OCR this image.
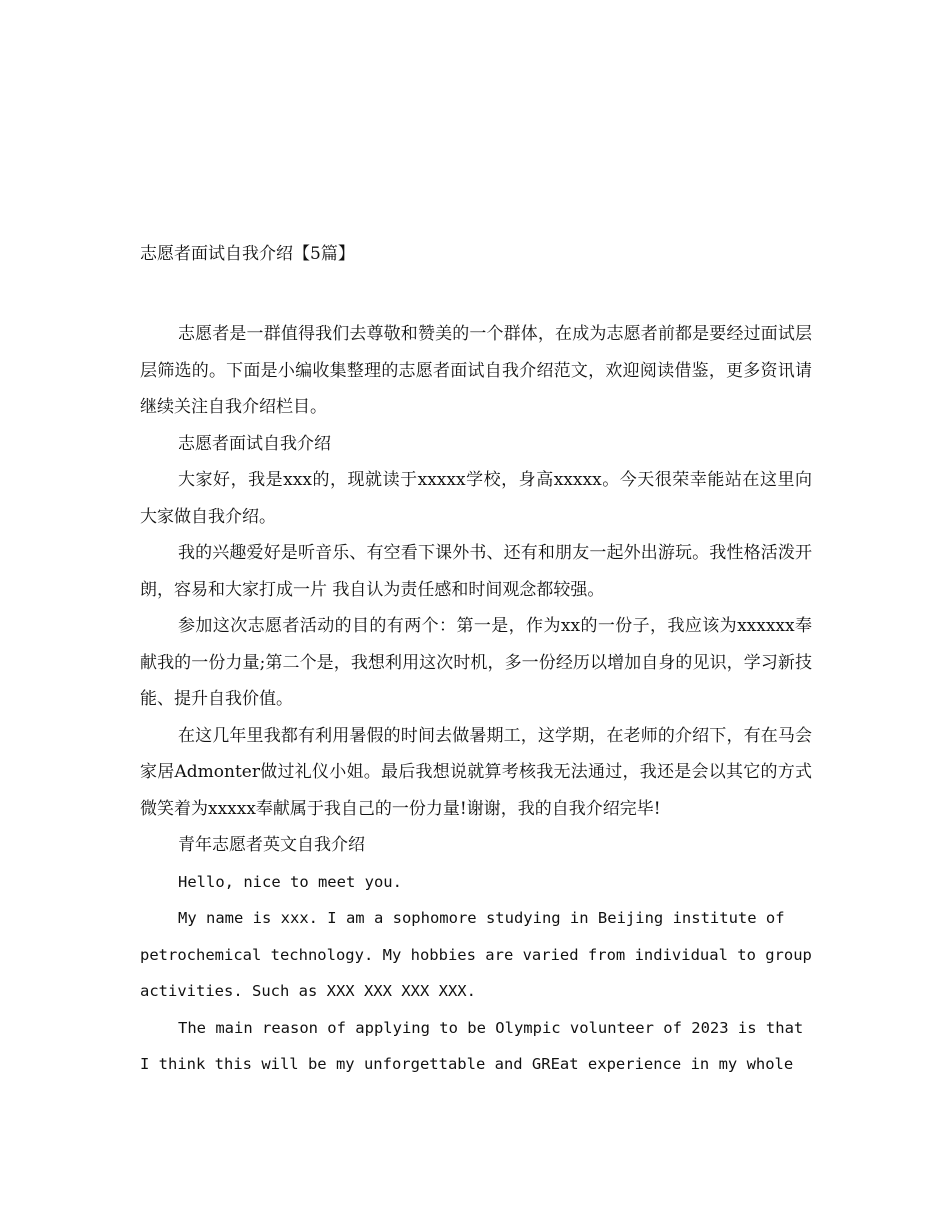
志愿者面试自我介绍【5篇】

志愿者是一群值得我们去尊敬和赞美的一个群体，在成为志愿者前都是要经过面试层层筛选的。下面是小编收集整理的志愿者面试自我介绍范文，欢迎阅读借鉴，更多资讯请继续关注自我介绍栏目。

志愿者面试自我介绍

大家好，我是xxx的，现就读于xxxxx学校，身高xxxxx。今天很荣幸能站在这里向大家做自我介绍。

我的兴趣爱好是听音乐、有空看下课外书、还有和朋友一起外出游玩。我性格活泼开朗，容易和大家打成一片 我自认为责任感和时间观念都较强。

参加这次志愿者活动的目的有两个：第一是，作为xx的一份子，我应该为xxxxxx奉献我的一份力量;第二个是，我想利用这次时机，多一份经历以增加自身的见识，学习新技能、提升自我价值。

在这几年里我都有利用暑假的时间去做暑期工，这学期，在老师的介绍下，有在马会家居Admonter做过礼仪小姐。最后我想说就算考核我无法通过，我还是会以其它的方式微笑着为xxxxx奉献属于我自己的一份力量!谢谢，我的自我介绍完毕!

青年志愿者英文自我介绍

Hello, nice to meet you.

My name is xxx. I am a sophomore studying in Beijing institute of petrochemical technology. My hobbies are varied from individual to group activities. Such as XXX XXX XXX XXX.

The main reason of applying to be Olympic volunteer of 2023 is that I think this will be my unforgettable and GREat experience in my whole
